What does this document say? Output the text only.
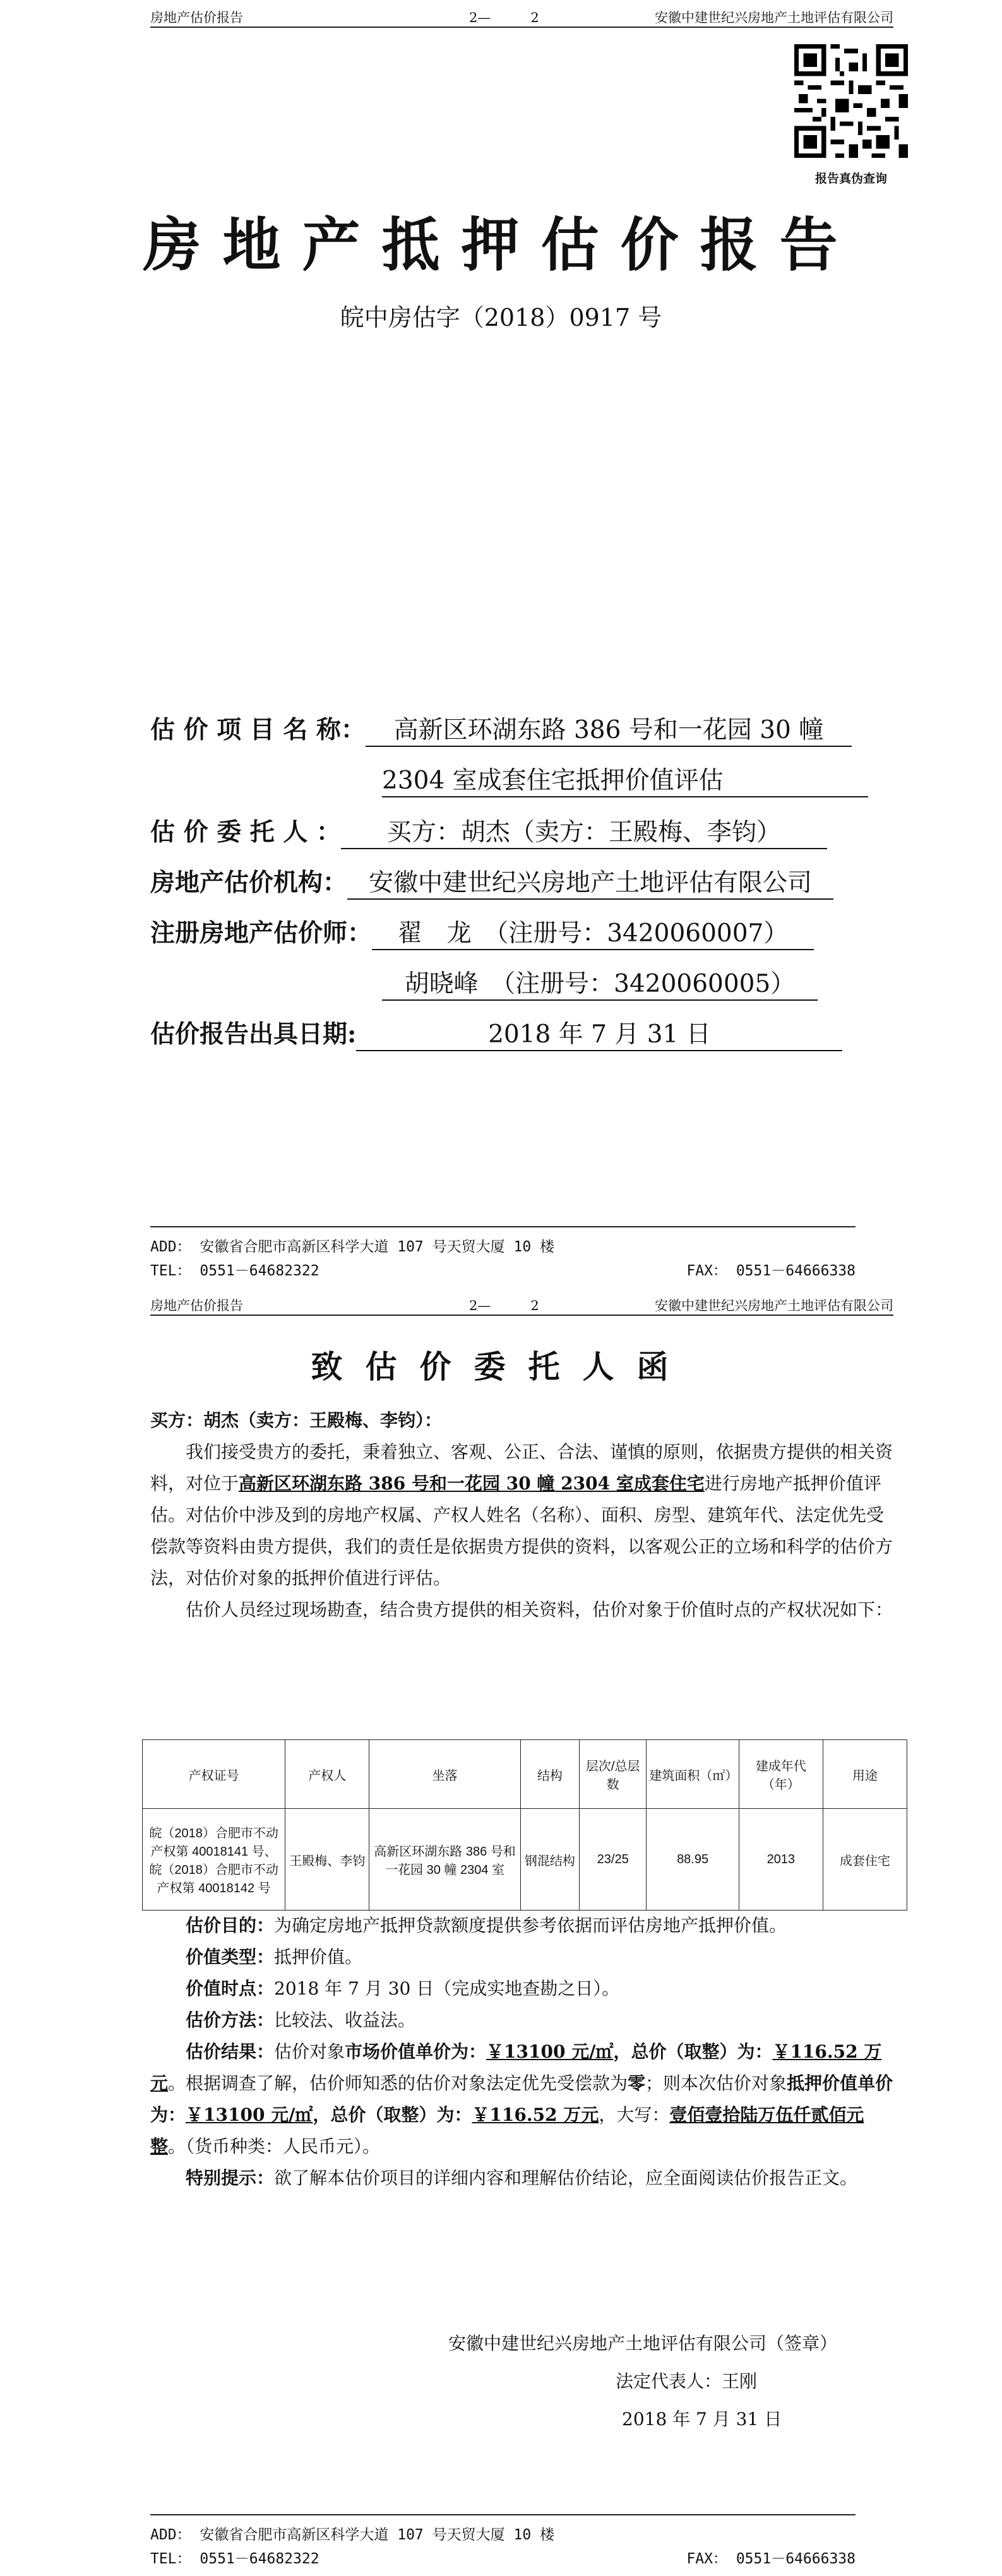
房地产估价报告	2—　　　2	安徽中建世纪兴房地产土地评估有限公司
报告真伪查询
房地产抵押估价报告
皖中房估字（2018）0917 号
估 价 项 目 名 称： 高新区环湖东路 386 号和一花园 30 幢
2304 室成套住宅抵押价值评估
估 价 委 托 人 ： 买方：胡杰（卖方：王殿梅、李钧）
房地产估价机构： 安徽中建世纪兴房地产土地评估有限公司
注册房地产估价师： 翟　龙　（注册号：3420060007）
胡晓峰　（注册号：3420060005）
估价报告出具日期:	2018 年 7 月 31 日
ADD： 安徽省合肥市高新区科学大道 107 号天贸大厦 10 楼
TEL： 0551－64682322	FAX： 0551－64666338
房地产估价报告	2—　　　2	安徽中建世纪兴房地产土地评估有限公司
致估价委托人函

买方：胡杰（卖方：王殿梅、李钧）：

我们接受贵方的委托，秉着独立、客观、公正、合法、谨慎的原则，依据贵方提供的相关资料，对位于高新区环湖东路 386 号和一花园 30 幢 2304 室成套住宅进行房地产抵押价值评估。对估价中涉及到的房地产权属、产权人姓名（名称）、面积、房型、建筑年代、法定优先受偿款等资料由贵方提供，我们的责任是依据贵方提供的资料，以客观公正的立场和科学的估价方法，对估价对象的抵押价值进行评估。

估价人员经过现场勘查，结合贵方提供的相关资料，估价对象于价值时点的产权状况如下：

产权证号	产权人	坐落	结构	层次/总层数	建筑面积（㎡）	建成年代（年）	用途
皖（2018）合肥市不动产权第 40018141 号、皖（2018）合肥市不动产权第 40018142 号	王殿梅、李钧	高新区环湖东路 386 号和一花园 30 幢 2304 室	钢混结构	23/25	88.95	2013	成套住宅

估价目的：为确定房地产抵押贷款额度提供参考依据而评估房地产抵押价值。

价值类型：抵押价值。

价值时点：2018 年 7 月 30 日（完成实地查勘之日）。

估价方法：比较法、收益法。

估价结果：估价对象市场价值单价为：￥13100 元/㎡，总价（取整）为：￥116.52 万元。根据调查了解，估价师知悉的估价对象法定优先受偿款为零；则本次估价对象抵押价值单价为：￥13100 元/㎡，总价（取整）为：￥116.52 万元，大写：壹佰壹拾陆万伍仟贰佰元整。（货币种类：人民币元）。

特别提示：欲了解本估价项目的详细内容和理解估价结论，应全面阅读估价报告正文。

安徽中建世纪兴房地产土地评估有限公司（签章）
法定代表人：王刚
2018 年 7 月 31 日
ADD： 安徽省合肥市高新区科学大道 107 号天贸大厦 10 楼
TEL： 0551－64682322	FAX： 0551－64666338
